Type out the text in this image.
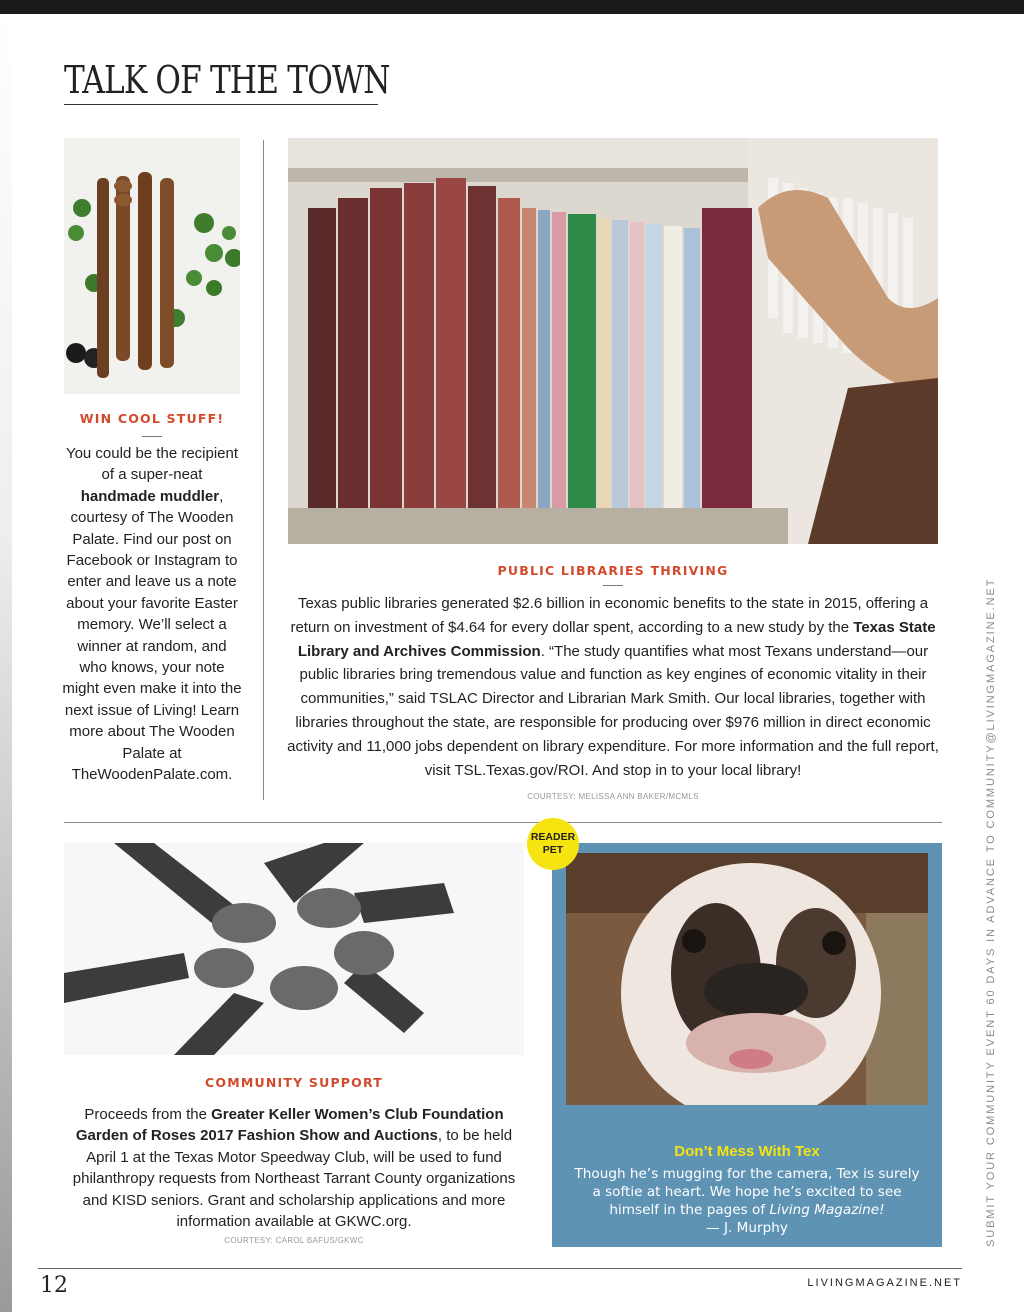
TALK OF THE TOWN
WIN COOL STUFF!
You could be the recipient of a super-neat handmade muddler, courtesy of The Wooden Palate. Find our post on Facebook or Instagram to enter and leave us a note about your favorite Easter memory. We’ll select a winner at random, and who knows, your note might even make it into the next issue of Living! Learn more about The Wooden Palate at TheWoodenPalate.com.
PUBLIC LIBRARIES THRIVING
Texas public libraries generated $2.6 billion in economic benefits to the state in 2015, offering a return on investment of $4.64 for every dollar spent, according to a new study by the Texas State Library and Archives Commission. “The study quantifies what most Texans understand—our public libraries bring tremendous value and function as key engines of economic vitality in their communities,” said TSLAC Director and Librarian Mark Smith. Our local libraries, together with libraries throughout the state, are responsible for producing over $976 million in direct economic activity and 11,000 jobs dependent on library expenditure. For more information and the full report, visit TSL.Texas.gov/ROI. And stop in to your local library!
COURTESY: MELISSA ANN BAKER/MCMLS
COMMUNITY SUPPORT
Proceeds from the Greater Keller Women’s Club Foundation Garden of Roses 2017 Fashion Show and Auctions, to be held April 1 at the Texas Motor Speedway Club, will be used to fund philanthropy requests from Northeast Tarrant County organizations and KISD seniors. Grant and scholarship applications and more information available at GKWC.org.
COURTESY: CAROL BAFUS/GKWC
READER
PET
Don’t Mess With Tex
Though he’s mugging for the camera, Tex is surely a softie at heart. We hope he’s excited to see himself in the pages of Living Magazine!
— J. Murphy	SUBMIT YOUR COMMUNITY EVENT 60 DAYS IN ADVANCE TO COMMUNITY@LIVINGMAGAZINE.NET
12	LIVINGMAGAZINE.NET
